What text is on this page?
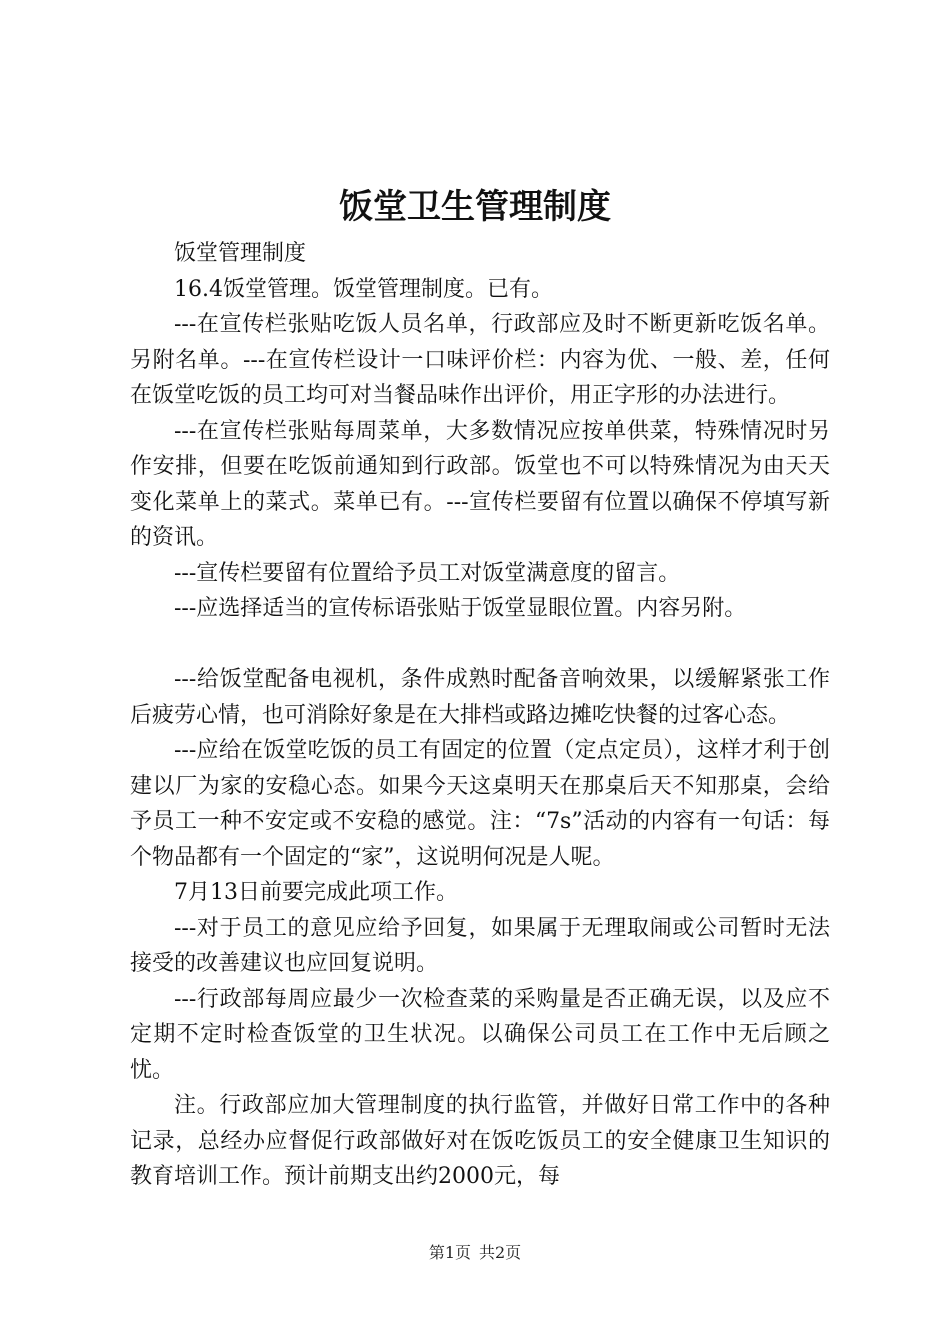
饭堂卫生管理制度

饭堂管理制度

16.4饭堂管理。饭堂管理制度。已有。

---在宣传栏张贴吃饭人员名单，行政部应及时不断更新吃饭名单。另附名单。---在宣传栏设计一口味评价栏：内容为优、一般、差，任何在饭堂吃饭的员工均可对当餐品味作出评价，用正字形的办法进行。

---在宣传栏张贴每周菜单，大多数情况应按单供菜，特殊情况时另作安排，但要在吃饭前通知到行政部。饭堂也不可以特殊情况为由天天变化菜单上的菜式。菜单已有。---宣传栏要留有位置以确保不停填写新的资讯。

---宣传栏要留有位置给予员工对饭堂满意度的留言。

---应选择适当的宣传标语张贴于饭堂显眼位置。内容另附。

---给饭堂配备电视机，条件成熟时配备音响效果，以缓解紧张工作后疲劳心情，也可消除好象是在大排档或路边摊吃快餐的过客心态。

---应给在饭堂吃饭的员工有固定的位置（定点定员），这样才利于创建以厂为家的安稳心态。如果今天这桌明天在那桌后天不知那桌，会给予员工一种不安定或不安稳的感觉。注：“7s”活动的内容有一句话：每个物品都有一个固定的“家”，这说明何况是人呢。

7月13日前要完成此项工作。

---对于员工的意见应给予回复，如果属于无理取闹或公司暂时无法接受的改善建议也应回复说明。

---行政部每周应最少一次检查菜的采购量是否正确无误，以及应不定期不定时检查饭堂的卫生状况。以确保公司员工在工作中无后顾之忧。

注。行政部应加大管理制度的执行监管，并做好日常工作中的各种记录，总经办应督促行政部做好对在饭吃饭员工的安全健康卫生知识的教育培训工作。预计前期支出约2000元，每

第1页 共2页
